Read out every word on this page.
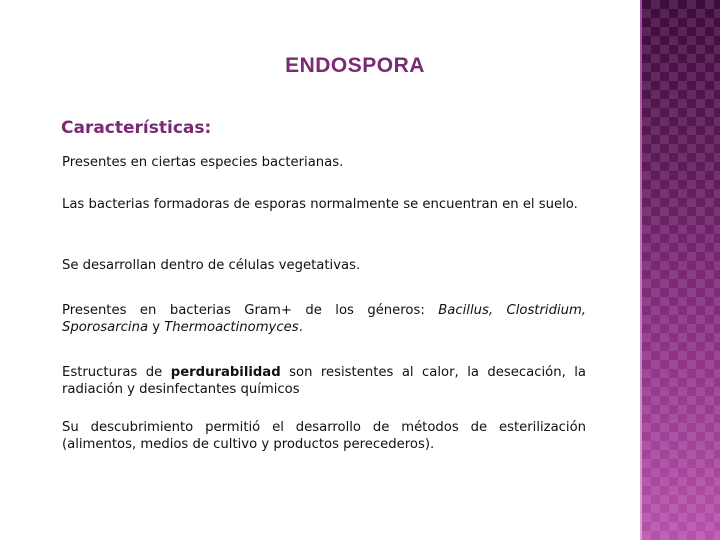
ENDOSPORA
Características:
Presentes en ciertas especies bacterianas.
Las bacterias formadoras de esporas normalmente se encuentran en el suelo.
Se desarrollan dentro de células vegetativas.
Presentes en bacterias Gram+ de los géneros: Bacillus, Clostridium, Sporosarcina y Thermoactinomyces.
Estructuras de perdurabilidad son resistentes al calor, la desecación, la radiación y desinfectantes químicos
Su descubrimiento permitió el desarrollo de métodos de esterilización (alimentos, medios de cultivo y productos perecederos).
